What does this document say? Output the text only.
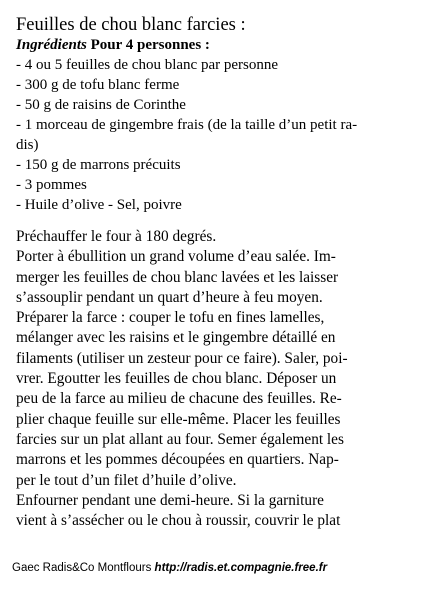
Feuilles de chou blanc farcies :
Ingrédients Pour 4 personnes :
- 4 ou 5 feuilles de chou blanc par personne
- 300 g de tofu blanc ferme
- 50 g de raisins de Corinthe
- 1 morceau de gingembre frais (de la taille d’un petit ra-
dis)
- 150 g de marrons précuits
- 3 pommes
- Huile d’olive - Sel, poivre

Préchauffer le four à 180 degrés.

Porter à ébullition un grand volume d’eau salée. Im-

merger les feuilles de chou blanc lavées et les laisser

s’assouplir pendant un quart d’heure à feu moyen.

Préparer la farce : couper le tofu en fines lamelles,

mélanger avec les raisins et le gingembre détaillé en

filaments (utiliser un zesteur pour ce faire). Saler, poi-

vrer. Egoutter les feuilles de chou blanc. Déposer un

peu de la farce au milieu de chacune des feuilles. Re-

plier chaque feuille sur elle-même. Placer les feuilles

farcies sur un plat allant au four. Semer également les

marrons et les pommes découpées en quartiers. Nap-

per le tout d’un filet d’huile d’olive.

Enfourner pendant une demi-heure. Si la garniture

vient à s’assécher ou le chou à roussir, couvrir le plat

Gaec Radis&Co Montflours http://radis.et.compagnie.free.fr
